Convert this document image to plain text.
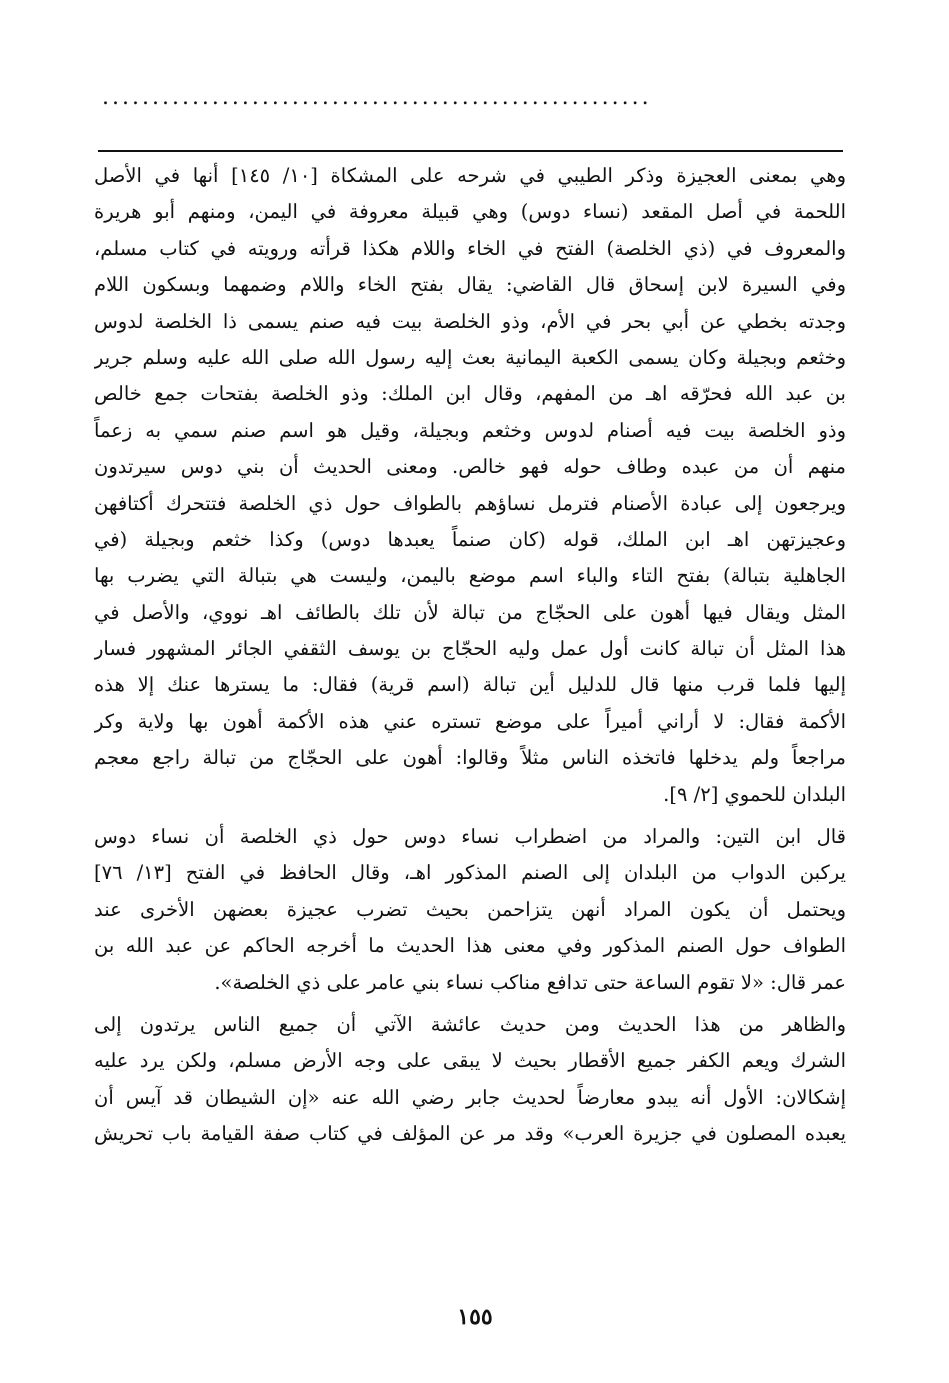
.......................................................
وهي بمعنى العجيزة وذكر الطيبي في شرحه على المشكاة [١٠/ ١٤٥] أنها في الأصل
اللحمة في أصل المقعد (نساء دوس) وهي قبيلة معروفة في اليمن، ومنهم أبو هريرة
والمعروف في (ذي الخلصة) الفتح في الخاء واللام هكذا قرأته ورويته في كتاب مسلم،
وفي السيرة لابن إسحاق قال القاضي: يقال بفتح الخاء واللام وضمهما وبسكون اللام
وجدته بخطي عن أبي بحر في الأم، وذو الخلصة بيت فيه صنم يسمى ذا الخلصة لدوس
وخثعم وبجيلة وكان يسمى الكعبة اليمانية بعث إليه رسول الله صلى الله عليه وسلم جرير
بن عبد الله فحرّقه اهـ من المفهم، وقال ابن الملك: وذو الخلصة بفتحات جمع خالص
وذو الخلصة بيت فيه أصنام لدوس وخثعم وبجيلة، وقيل هو اسم صنم سمي به زعماً
منهم أن من عبده وطاف حوله فهو خالص. ومعنى الحديث أن بني دوس سيرتدون
ويرجعون إلى عبادة الأصنام فترمل نساؤهم بالطواف حول ذي الخلصة فتتحرك أكتافهن
وعجيزتهن اهـ ابن الملك، قوله (كان صنماً يعبدها دوس) وكذا خثعم وبجيلة (في
الجاهلية بتبالة) بفتح التاء والباء اسم موضع باليمن، وليست هي بتبالة التي يضرب بها
المثل ويقال فيها أهون على الحجّاج من تبالة لأن تلك بالطائف اهـ نووي، والأصل في
هذا المثل أن تبالة كانت أول عمل وليه الحجّاج بن يوسف الثقفي الجائر المشهور فسار
إليها فلما قرب منها قال للدليل أين تبالة (اسم قرية) فقال: ما يسترها عنك إلا هذه
الأكمة فقال: لا أراني أميراً على موضع تستره عني هذه الأكمة أهون بها ولاية وكر
مراجعاً ولم يدخلها فاتخذه الناس مثلاً وقالوا: أهون على الحجّاج من تبالة راجع معجم
البلدان للحموي [٢/ ٩].
قال ابن التين: والمراد من اضطراب نساء دوس حول ذي الخلصة أن نساء دوس
يركبن الدواب من البلدان إلى الصنم المذكور اهـ، وقال الحافظ في الفتح [١٣/ ٧٦]
ويحتمل أن يكون المراد أنهن يتزاحمن بحيث تضرب عجيزة بعضهن الأخرى عند
الطواف حول الصنم المذكور وفي معنى هذا الحديث ما أخرجه الحاكم عن عبد الله بن
عمر قال: «لا تقوم الساعة حتى تدافع مناكب نساء بني عامر على ذي الخلصة».
والظاهر من هذا الحديث ومن حديث عائشة الآتي أن جميع الناس يرتدون إلى
الشرك ويعم الكفر جميع الأقطار بحيث لا يبقى على وجه الأرض مسلم، ولكن يرد عليه
إشكالان: الأول أنه يبدو معارضاً لحديث جابر رضي الله عنه «إن الشيطان قد آيس أن
يعبده المصلون في جزيرة العرب» وقد مر عن المؤلف في كتاب صفة القيامة باب تحريش
١٥٥
